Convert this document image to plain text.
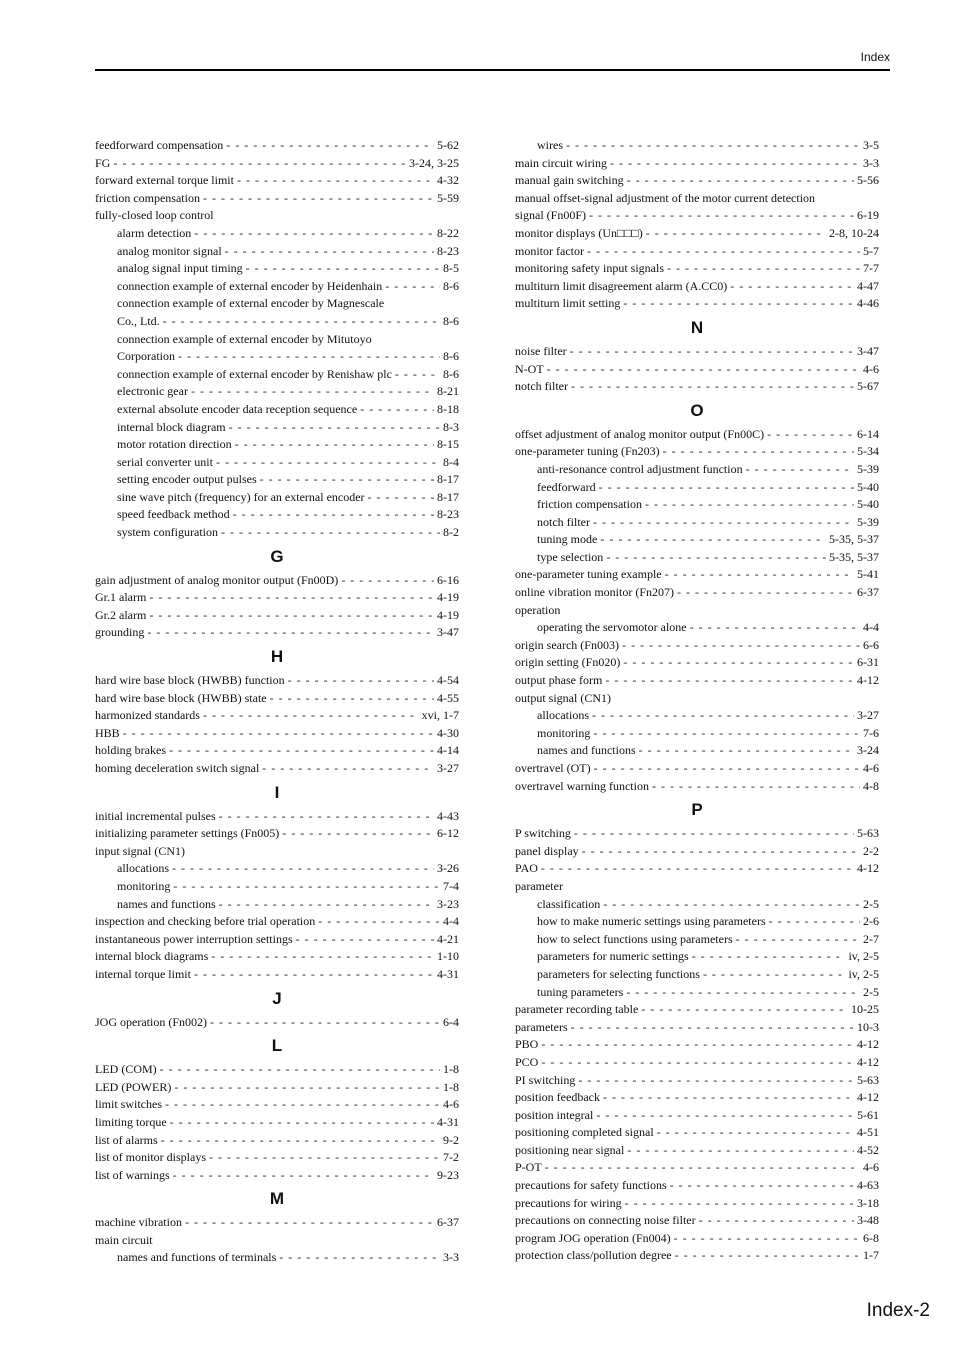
Index
feedforward compensation - - -	5-62
FG - - -	3-24, 3-25
forward external torque limit - - -	4-32
friction compensation - - -	5-59
fully-closed loop control
alarm detection - - -	8-22
analog monitor signal - - -	8-23
analog signal input timing - - -	8-5
connection example of external encoder by Heidenhain - - -	8-6
connection example of external encoder by Magnescale
Co., Ltd. - - -	8-6
connection example of external encoder by Mitutoyo
Corporation - - -	8-6
connection example of external encoder by Renishaw plc - - -	8-6
electronic gear - - -	8-21
external absolute encoder data reception sequence - - -	8-18
internal block diagram - - -	8-3
motor rotation direction - - -	8-15
serial converter unit - - -	8-4
setting encoder output pulses - - -	8-17
sine wave pitch (frequency) for an external encoder - - -	8-17
speed feedback method - - -	8-23
system configuration - - -	8-2
G
gain adjustment of analog monitor output (Fn00D) - - -	6-16
Gr.1 alarm - - -	4-19
Gr.2 alarm - - -	4-19
grounding - - -	3-47
H
hard wire base block (HWBB) function - - -	4-54
hard wire base block (HWBB) state - - -	4-55
harmonized standards - - -	xvi, 1-7
HBB - - -	4-30
holding brakes - - -	4-14
homing deceleration switch signal - - -	3-27
I
initial incremental pulses - - -	4-43
initializing parameter settings (Fn005) - - -	6-12
input signal (CN1)
allocations - - -	3-26
monitoring - - -	7-4
names and functions - - -	3-23
inspection and checking before trial operation - - -	4-4
instantaneous power interruption settings - - -	4-21
internal block diagrams - - -	1-10
internal torque limit - - -	4-31
J
JOG operation (Fn002) - - -	6-4
L
LED (COM) - - -	1-8
LED (POWER) - - -	1-8
limit switches - - -	4-6
limiting torque - - -	4-31
list of alarms - - -	9-2
list of monitor displays - - -	7-2
list of warnings - - -	9-23
M
machine vibration - - -	6-37
main circuit
names and functions of terminals - - -	3-3
wires - - -	3-5
main circuit wiring - - -	3-3
manual gain switching - - -	5-56
manual offset-signal adjustment of the motor current detection
signal (Fn00F) - - -	6-19
monitor displays (Un□□□) - - -	2-8, 10-24
monitor factor - - -	5-7
monitoring safety input signals - - -	7-7
multiturn limit disagreement alarm (A.CC0) - - -	4-47
multiturn limit setting - - -	4-46
N
noise filter - - -	3-47
N-OT - - -	4-6
notch filter - - -	5-67
O
offset adjustment of analog monitor output (Fn00C) - - -	6-14
one-parameter tuning (Fn203) - - -	5-34
anti-resonance control adjustment function - - -	5-39
feedforward - - -	5-40
friction compensation - - -	5-40
notch filter - - -	5-39
tuning mode - - -	5-35, 5-37
type selection - - -	5-35, 5-37
one-parameter tuning example - - -	5-41
online vibration monitor (Fn207) - - -	6-37
operation
operating the servomotor alone - - -	4-4
origin search (Fn003) - - -	6-6
origin setting (Fn020) - - -	6-31
output phase form - - -	4-12
output signal (CN1)
allocations - - -	3-27
monitoring - - -	7-6
names and functions - - -	3-24
overtravel (OT) - - -	4-6
overtravel warning function - - -	4-8
P
P switching - - -	5-63
panel display - - -	2-2
PAO - - -	4-12
parameter
classification - - -	2-5
how to make numeric settings using parameters - - -	2-6
how to select functions using parameters - - -	2-7
parameters for numeric settings - - -	iv, 2-5
parameters for selecting functions - - -	iv, 2-5
tuning parameters - - -	2-5
parameter recording table - - -	10-25
parameters - - -	10-3
PBO - - -	4-12
PCO - - -	4-12
PI switching - - -	5-63
position feedback - - -	4-12
position integral - - -	5-61
positioning completed signal - - -	4-51
positioning near signal - - -	4-52
P-OT - - -	4-6
precautions for safety functions - - -	4-63
precautions for wiring - - -	3-18
precautions on connecting noise filter - - -	3-48
program JOG operation (Fn004) - - -	6-8
protection class/pollution degree - - -	1-7
Index-2
